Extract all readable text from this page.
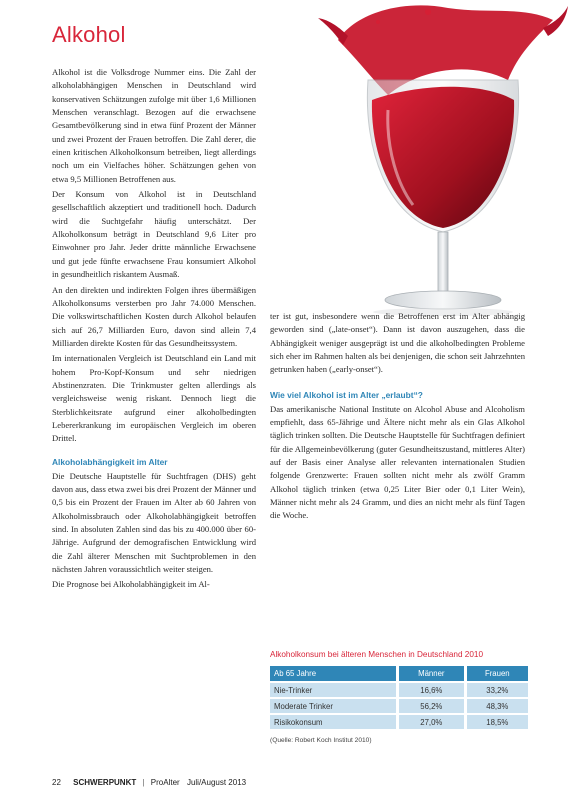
Alkohol

Alkohol ist die Volksdroge Nummer eins. Die Zahl der alkoholabhängigen Menschen in Deutschland wird konservativen Schätzungen zufolge mit über 1,6 Millionen Menschen veranschlagt. Bezogen auf die erwachsene Gesamtbevölkerung sind in etwa fünf Prozent der Männer und zwei Prozent der Frauen betroffen. Die Zahl derer, die einen kritischen Alkoholkonsum betreiben, liegt allerdings noch um ein Vielfaches höher. Schätzungen gehen von etwa 9,5 Millionen Betroffenen aus.

Der Konsum von Alkohol ist in Deutschland gesellschaftlich akzeptiert und traditionell hoch. Dadurch wird die Suchtgefahr häufig unterschätzt. Der Alkoholkonsum beträgt in Deutschland 9,6 Liter pro Einwohner pro Jahr. Jeder dritte männliche Erwachsene und gut jede fünfte erwachsene Frau konsumiert Alkohol in gesundheitlich riskantem Ausmaß.

An den direkten und indirekten Folgen ihres übermäßigen Alkoholkonsums versterben pro Jahr 74.000 Menschen. Die volkswirtschaftlichen Kosten durch Alkohol belaufen sich auf 26,7 Milliarden Euro, davon sind allein 7,4 Milliarden direkte Kosten für das Gesundheitssystem.

Im internationalen Vergleich ist Deutschland ein Land mit hohem Pro-Kopf-Konsum und sehr niedrigen Abstinenzraten. Die Trinkmuster gelten allerdings als vergleichsweise wenig riskant. Dennoch liegt die Sterblichkeitsrate aufgrund einer alkoholbedingten Lebererkrankung im europäischen Vergleich im oberen Drittel.

Alkoholabhängigkeit im Alter

Die Deutsche Hauptstelle für Suchtfragen (DHS) geht davon aus, dass etwa zwei bis drei Prozent der Männer und 0,5 bis ein Prozent der Frauen im Alter ab 60 Jahren von Alkoholmissbrauch oder Alkoholabhängigkeit betroffen sind. In absoluten Zahlen sind das bis zu 400.000 über 60-Jährige. Aufgrund der demografischen Entwicklung wird die Zahl älterer Menschen mit Suchtproblemen in den nächsten Jahren voraussichtlich weiter steigen.

Die Prognose bei Alkoholabhängigkeit im Al-

ter ist gut, insbesondere wenn die Betroffenen erst im Alter abhängig geworden sind („late-onset“). Dann ist davon auszugehen, dass die Abhängigkeit weniger ausgeprägt ist und die alkoholbedingten Probleme sich eher im Rahmen halten als bei denjenigen, die schon seit Jahrzehnten getrunken haben („early-onset“).

Wie viel Alkohol ist im Alter „erlaubt“?

Das amerikanische National Institute on Alcohol Abuse and Alcoholism empfiehlt, dass 65-Jährige und Ältere nicht mehr als ein Glas Alkohol täglich trinken sollten. Die Deutsche Hauptstelle für Suchtfragen definiert für die Allgemeinbevölkerung (guter Gesundheitszustand, mittleres Alter) auf der Basis einer Analyse aller relevanten internationalen Studien folgende Grenzwerte: Frauen sollten nicht mehr als zwölf Gramm Alkohol täglich trinken (etwa 0,25 Liter Bier oder 0,1 Liter Wein), Männer nicht mehr als 24 Gramm, und dies an nicht mehr als fünf Tagen die Woche.

Alkoholkonsum bei älteren Menschen in Deutschland 2010
Ab 65 Jahre		Männer		Frauen
Nie-Trinker		16,6%		33,2%
Moderate Trinker		56,2%		48,3%
Risikokonsum		27,0%		18,5%
(Quelle: Robert Koch Institut 2010)
22 SCHWERPUNKT | ProAlter Juli/August 2013
